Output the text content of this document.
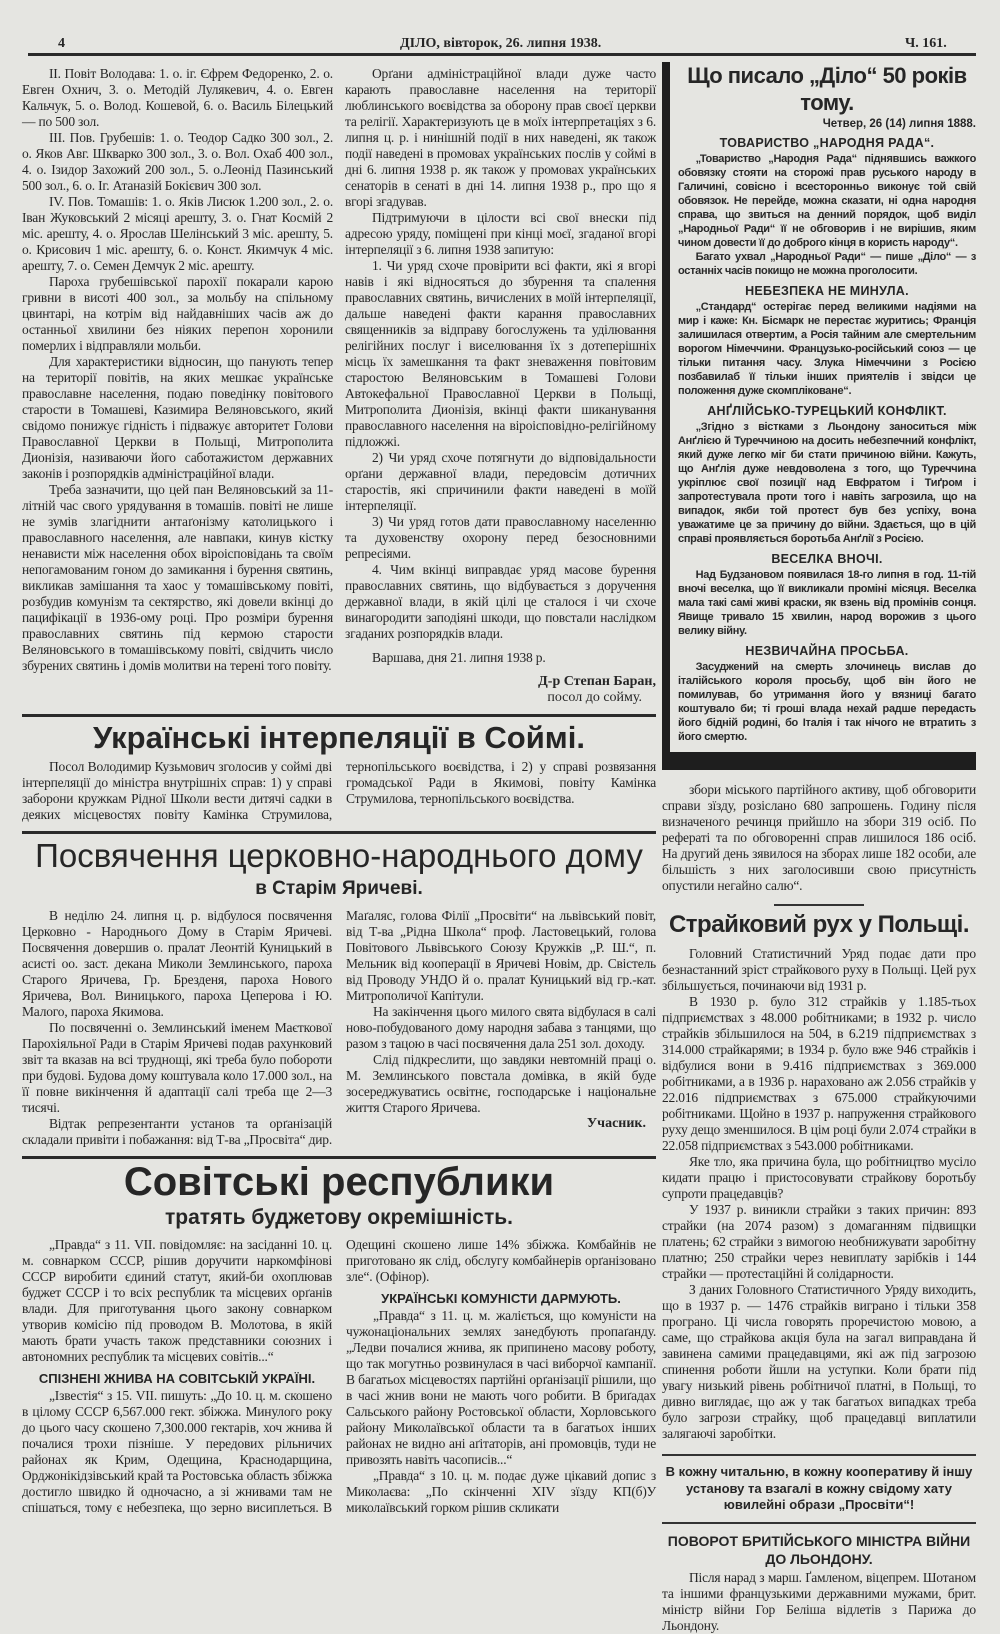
4	ДІЛО, вівторок, 26. липня 1938.	Ч. 161.

II. Повіт Володава: 1. о. іг. Єфрем Федоренко, 2. о. Евген Охнич, 3. о. Методій Лулякевич, 4. о. Евген Кальчук, 5. о. Волод. Кошевой, 6. о. Василь Білецький — по 500 зол.

III. Пов. Грубешів: 1. о. Теодор Садко 300 зол., 2. о. Яков Авг. Шкварко 300 зол., 3. о. Вол. Охаб 400 зол., 4. о. Ізидор Захожий 200 зол., 5. о.Леонід Пазинський 500 зол., 6. о. Іг. Атаназій Бокієвич 300 зол.

IV. Пов. Томашів: 1. о. Яків Лисюк 1.200 зол., 2. о. Іван Жуковський 2 місяці арешту, 3. о. Гнат Космій 2 міс. арешту, 4. о. Ярослав Шелінський 3 міс. арешту, 5. о. Крисович 1 міс. арешту, 6. о. Конст. Якимчук 4 міс. арешту, 7. о. Семен Демчук 2 міс. арешту.

Пароха грубешівської парохії покарали карою гривни в висоті 400 зол., за мольбу на спільному цвинтарі, на котрім від найдавніших часів аж до останньої хвилини без ніяких перепон хоронили померлих і відправляли мольби.

Для характеристики відносин, що панують тепер на території повітів, на яких мешкає українське православне населення, подаю поведінку повітового старости в Томашеві, Казимира Веляновського, який свідомо понижує гідність і підважує авторитет Голови Православної Церкви в Польщі, Митрополита Дионізія, називаючи його саботажистом державних законів і розпорядків адміністраційної влади.

Треба зазначити, що цей пан Веляновський за 11-літній час свого урядування в томашів. повіті не лише не зумів злагіднити антаґонізму католицького і православного населення, але навпаки, кинув кістку ненависти між населення обох віроісповідань та своїм непогамованим гоном до замикання і бурення святинь, викликав замішання та хаос у томашівському повіті, розбудив комунізм та сектярство, які довели вкінці до пацифікації в 1936-ому році. Про розміри бурення православних святинь під кермою старости Веляновського в томашівському повіті, свідчить число збурених святинь і домів молитви на терені того повіту.

Орґани адміністраційної влади дуже часто карають православне населення на території люблинського воєвідства за оборону прав своєї церкви та релігії. Характеризують це в моїх інтерпретаціях з 6. липня ц. р. і нинішній події в них наведені, як також події наведені в промовах українських послів у соймі в дні 6. липня 1938 р. як також у промовах українських сенаторів в сенаті в дні 14. липня 1938 р., про що я вгорі згадував.

Підтримуючи в цілости всі свої внески під адресою уряду, поміщені при кінці моєї, згаданої вгорі інтерпеляції з 6. липня 1938 запитую:

1. Чи уряд схоче провірити всі факти, які я вгорі навів і які відносяться до збурення та спалення православних святинь, вичислених в моїй інтерпеляції, дальше наведені факти карання православних священників за відправу богослужень та уділювання релігійних послуг і виселювання їх з дотеперішніх місць їх замешкання та факт зневаження повітовим старостою Веляновським в Томашеві Голови Автокефальної Православної Церкви в Польщі, Митрополита Дионізія, вкінці факти шиканування православного населення на віроісповідно-релігійному підложжі.

2) Чи уряд схоче потягнути до відповідальности орґани державної влади, передовсім дотичних старостів, які спричинили факти наведені в моїй інтерпеляції.

3) Чи уряд готов дати православному населенню та духовенству охорону перед безосновними репресіями.

4. Чим вкінці виправдає уряд масове бурення православних святинь, що відбувається з доручення державної влади, в якій цілі це сталося і чи схоче винагородити заподіяні шкоди, що повстали наслідком згаданих розпорядків влади.

Варшава, дня 21. липня 1938 р.

Д-р Степан Баран,
посол до сойму.
Українські інтерпеляції в Соймі.

Посол Володимир Кузьмович зголосив у соймі дві інтерпеляції до міністра внутрішніх справ: 1) у справі заборони кружкам Рідної Школи вести дитячі садки в деяких місцевостях повіту Камінка Струмилова, тернопільського воєвідства, і 2) у справі розвязання громадської Ради в Якимові, повіту Камінка Струмилова, тернопільського воєвідства.

Посвячення церковно-народнього дому
в Старім Яричеві.

В неділю 24. липня ц. р. відбулося посвячення Церковно - Народнього Дому в Старім Яричеві. Посвячення довершив о. пралат Леонтій Куницький в асисті оо. заст. декана Миколи Землинського, пароха Старого Яричева, Гр. Брезденя, пароха Нового Яричева, Вол. Виницького, пароха Цеперова і Ю. Малого, пароха Якимова.

По посвяченні о. Землинський іменем Маєткової Парохіяльної Ради в Старім Яричеві подав рахунковий звіт та вказав на всі труднощі, які треба було побороти при будові. Будова дому коштувала коло 17.000 зол., на її повне викінчення й адаптації салі треба ще 2—3 тисячі.

Відтак репрезентанти установ та орґанізацій складали привіти і побажання: від Т-ва „Просвіта“ дир. Маґаляс, голова Філії „Просвіти“ на львівський повіт, від Т-ва „Рідна Школа“ проф. Ластовецький, голова Повітового Львівського Союзу Кружків „Р. Ш.“, п. Мельник від кооперації в Яричеві Новім, др. Свістель від Проводу УНДО й о. пралат Куницький від гр.-кат. Митрополичої Капітули.

На закінчення цього милого свята відбулася в салі ново-побудованого дому народня забава з танцями, що разом з тацою в часі посвячення дала 251 зол. доходу.

Слід підкреслити, що завдяки невтомній праці о. М. Землинського повстала домівка, в якій буде зосереджуватись освітнє, господарське і національне життя Старого Яричева.

Учасник.
Совітські республики
тратять буджетову окремішність.

„Правда“ з 11. VII. повідомляє: на засіданні 10. ц. м. совнарком СССР, рішив доручити наркомфінові СССР виробити єдиний статут, який-би охоплював буджет СССР і то всіх республик та місцевих орґанів влади. Для приготування цього закону совнарком утворив комісію під проводом В. Молотова, в якій мають брати участь також представники союзних і автономних республик та місцевих совітів...“

СПІЗНЕНІ ЖНИВА НА СОВІТСЬКІЙ УКРАЇНІ.

„Ізвестія“ з 15. VII. пишуть: „До 10. ц. м. скошено в цілому СССР 6,567.000 гект. збіжжа. Минулого року до цього часу скошено 7,300.000 гектарів, хоч жнива й почалися трохи пізніше. У передових рільничих районах як Крим, Одещина, Краснодарщина, Орджонікідзівський край та Ростовська область збіжжа достигло швидко й одночасно, а зі жнивами там не спішаться, тому є небезпека, що зерно висиплеться. В Одещині скошено лише 14% збіжжа. Комбайнів не приготовано як слід, обслугу комбайнерів орґанізовано зле“. (Офінор).

УКРАЇНСЬКІ КОМУНІСТИ ДАРМУЮТЬ.

„Правда“ з 11. ц. м. жаліється, що комуністи на чужонаціональних землях занедбують пропаґанду. „Ледви почалися жнива, як припинено масову роботу, що так могутньо розвинулася в часі виборчої кампанії. В багатьох місцевостях партійні орґанізації рішили, що в часі жнив вони не мають чого робити. В бриґадах Сальського району Ростовської области, Хорловського району Миколаївської области та в багатьох інших районах не видно ані аґітаторів, ані промовців, туди не привозять навіть часописів...“

„Правда“ з 10. ц. м. подає дуже цікавий допис з Миколаєва: „По скінченні XIV зїзду КП(б)У миколаївський горком рішив скликати

Що писало „Діло“ 50 років тому.
Четвер, 26 (14) липня 1888.
ТОВАРИСТВО „НАРОДНЯ РАДА“.

„Товариство „Народня Рада“ піднявшись важкого обовязку стояти на сторожі прав руського народу в Галичині, совісно і всесторонньо виконує той свій обовязок. Не перейде, можна сказати, ні одна народня справа, що звиться на денний порядок, щоб виділ „Народньої Ради“ її не обговорив і не вирішив, яким чином довести її до доброго кінця в користь народу“.

Багато ухвал „Народньої Ради“ — пише „Діло“ — з останніх часів покищо не можна проголосити.

НЕБЕЗПЕКА НЕ МИНУЛА.

„Стандард“ остерігає перед великими надіями на мир і каже: Кн. Бісмарк не перестає журитись; Франція залишилася отвертим, а Росія тайним але смертельним ворогом Німеччини. Французько-російський союз — це тільки питання часу. Злука Німеччини з Росією позбавилаб її тільки інших приятелів і звідси це положення дуже скомпліковане“.

АНҐЛІЙСЬКО-ТУРЕЦЬКИЙ КОНФЛІКТ.

„Згідно з вістками з Льондону заноситься між Анґлією й Туреччиною на досить небезпечний конфлікт, який дуже легко міг би стати причиною війни. Кажуть, що Анґлія дуже невдоволена з того, що Туреччина укріплює свої позиції над Евфратом і Тиґром і запротестувала проти того і навіть загрозила, що на випадок, якби той протест був без успіху, вона уважатиме це за причину до війни. Здається, що в цій справі проявляється боротьба Анґлії з Росією.

ВЕСЕЛКА ВНОЧІ.

Над Будзановом появилася 18-го липня в год. 11-тій вночі веселка, що її викликали проміні місяця. Веселка мала такі самі живі краски, як взень від промінів сонця. Явище тривало 15 хвилин, народ ворожив з цього велику війну.

НЕЗВИЧАЙНА ПРОСЬБА.

Засуджений на смерть злочинець вислав до італійського короля просьбу, щоб він його не помилував, бо утримання його у вязниці багато коштувало би; ті гроші влада нехай радше передасть його бідній родині, бо Італія і так нічого не втратить з його смертю.

збори міського партійного активу, щоб обговорити справи зїзду, розіслано 680 запрошень. Годину після визначеного речинця прийшло на збори 319 осіб. По рефераті та по обговоренні справ лишилося 186 осіб. На другий день зявилося на зборах лише 182 особи, але більшість з них заголосивши свою присутність опустили негайно салю“.

Страйковий рух у Польщі.

Головний Статистичний Уряд подає дати про безнастанний зріст страйкового руху в Польщі. Цей рух збільшується, починаючи від 1931 р.

В 1930 р. було 312 страйків у 1.185-тьох підприємствах з 48.000 робітниками; в 1932 р. число страйків збільшилося на 504, в 6.219 підприємствах з 314.000 страйкарями; в 1934 р. було вже 946 страйків і відбулися вони в 9.416 підприємствах з 369.000 робітниками, а в 1936 р. нараховано аж 2.056 страйків у 22.016 підприємствах з 675.000 страйкуючими робітниками. Щойно в 1937 р. напруження страйкового руху дещо зменшилося. В цім році були 2.074 страйки в 22.058 підприємствах з 543.000 робітниками.

Яке тло, яка причина була, що робітництво мусіло кидати працю і пристосовувати страйкову боротьбу супроти працедавців?

У 1937 р. виникли страйки з таких причин: 893 страйки (на 2074 разом) з домаганням підвищки платень; 62 страйки з вимогою необнижувати заробітну платню; 250 страйки через невиплату зарібків і 144 страйки — протестаційні й солідарности.

З даних Головного Статистичного Уряду виходить, що в 1937 р. — 1476 страйків виграно і тільки 358 програно. Ці числа говорять проречистою мовою, а саме, що страйкова акція була на загал виправдана й завинена самими працедавцями, які аж під загрозою спинення роботи йшли на уступки. Коли брати під увагу низький рівень робітничої платні, в Польщі, то дивно виглядає, що аж у так багатьох випадках треба було загрози страйку, щоб працедавці виплатили залягаючі заробітки.

В кожну читальню, в кожну кооперативу й іншу установу та взагалі в кожну свідому хату ювилейні образи „Просвіти“!
ПОВОРОТ БРИТІЙСЬКОГО МІНІСТРА ВІЙНИ ДО ЛЬОНДОНУ.

Після нарад з марш. Ґамленом, віцепрем. Шотаном та іншими французькими державними мужами, брит. міністр війни Гор Беліша відлетів з Парижа до Льондону.
